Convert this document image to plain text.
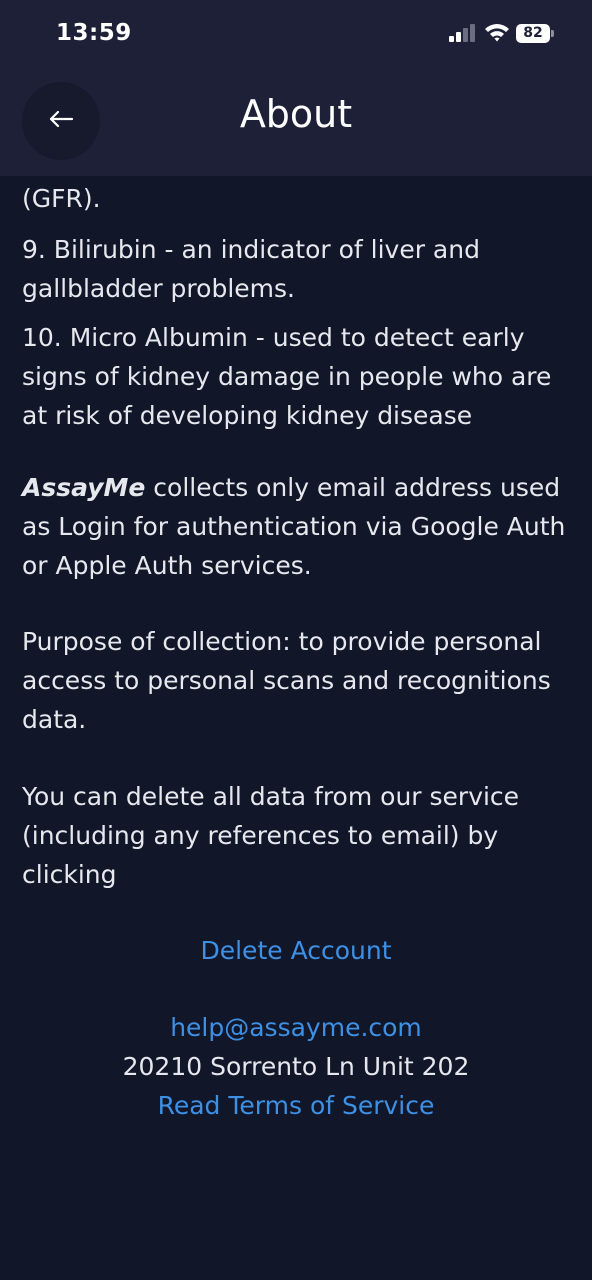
13:59	82
About
(GFR).
9. Bilirubin - an indicator of liver and gallbladder problems.
10. Micro Albumin - used to detect early signs of kidney damage in people who are at risk of developing kidney disease
AssayMe collects only email address used as Login for authentication via Google Auth or Apple Auth services.
Purpose of collection: to provide personal access to personal scans and recognitions data.
You can delete all data from our service (including any references to email) by clicking
Delete Account
help@assayme.com
20210 Sorrento Ln Unit 202
Read Terms of Service
